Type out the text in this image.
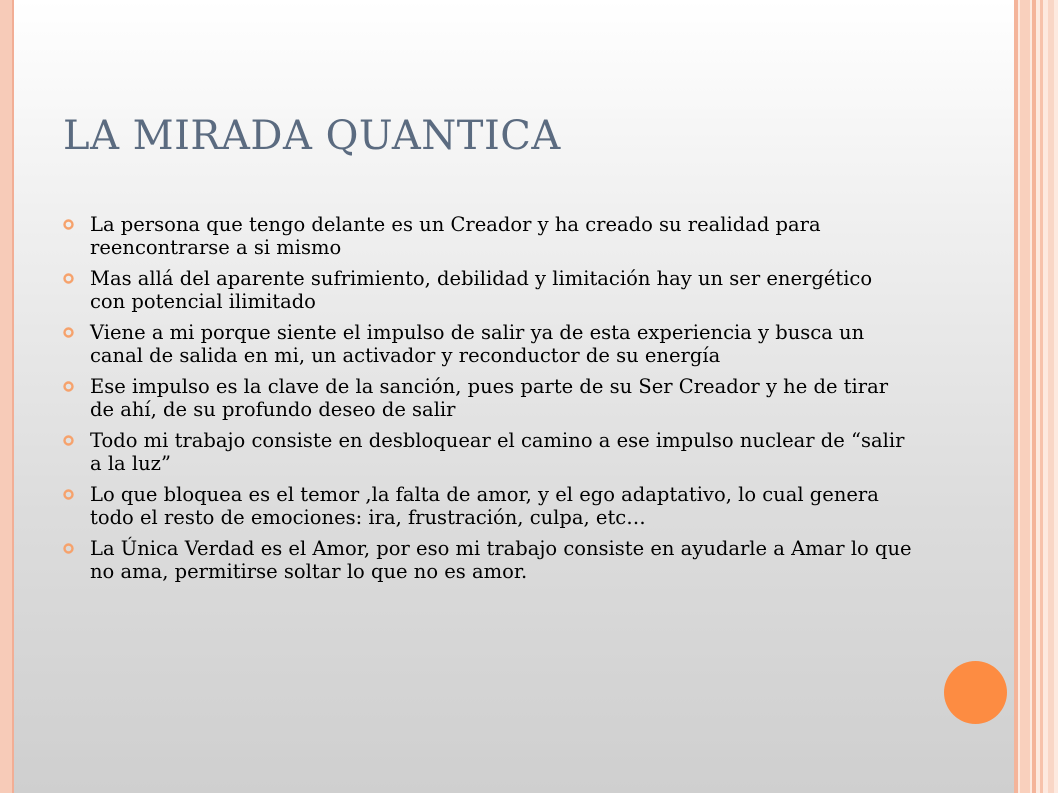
LA MIRADA QUANTICA
La persona que tengo delante es un Creador y ha creado su realidad para reencontrarse a si mismo
Mas allá del aparente sufrimiento, debilidad y limitación hay un ser energético con potencial ilimitado
Viene a mi porque siente el impulso de salir ya de esta experiencia y busca un canal de salida en mi, un activador y reconductor de su energía
Ese impulso es la clave de la sanción, pues parte de su Ser Creador y he de tirar de ahí, de su profundo deseo de salir
Todo mi trabajo consiste en desbloquear el camino a ese impulso nuclear de “salir a la luz”
Lo que bloquea es el temor ,la falta de amor, y el ego adaptativo, lo cual genera todo el resto de emociones: ira, frustración, culpa, etc…
La Única Verdad es el Amor, por eso mi trabajo consiste en ayudarle a Amar lo que no ama, permitirse soltar lo que no es amor.
